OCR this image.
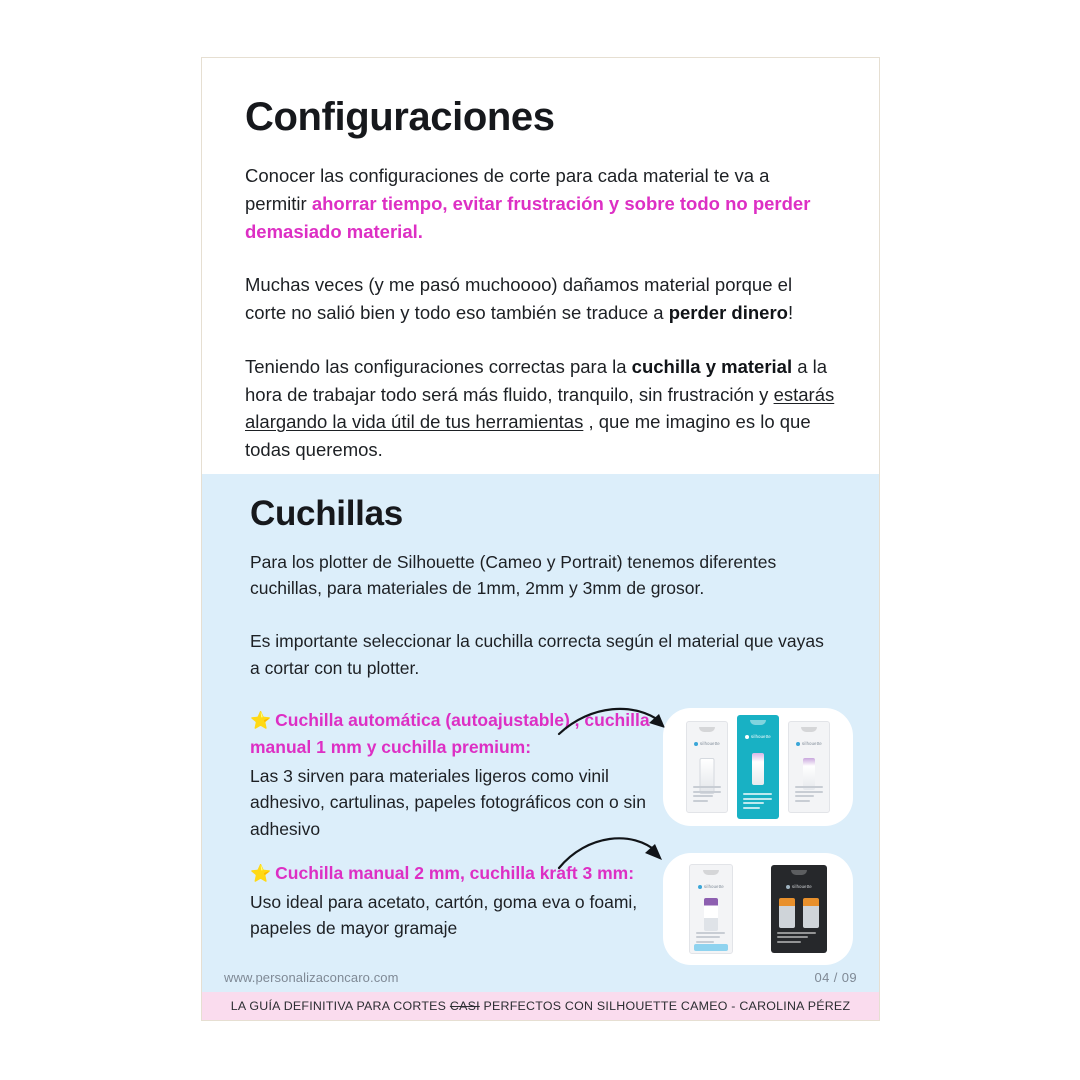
Configuraciones

Conocer las configuraciones de corte para cada material te va a permitir ahorrar tiempo, evitar frustración y sobre todo no perder demasiado material.

Muchas veces (y me pasó muchoooo) dañamos material porque el corte no salió bien y todo eso también se traduce a perder dinero!

Teniendo las configuraciones correctas para la cuchilla y material a la hora de trabajar todo será más fluido, tranquilo, sin frustración y estarás alargando la vida útil de tus herramientas , que me imagino es lo que todas queremos.

Cuchillas

Para los plotter de Silhouette (Cameo y Portrait) tenemos diferentes cuchillas, para materiales de 1mm, 2mm y 3mm de grosor.

Es importante seleccionar la cuchilla correcta según el material que vayas a cortar con tu plotter.

⭐ Cuchilla automática (autoajustable) , cuchilla manual 1 mm y cuchilla premium:

Las 3 sirven para materiales ligeros como vinil adhesivo, cartulinas, papeles fotográficos con o sin adhesivo

⭐ Cuchilla manual 2 mm, cuchilla kraft 3 mm:

Uso ideal para acetato, cartón, goma eva o foami, papeles de mayor gramaje

silhouette
silhouette
silhouette
silhouette	silhouette
www.personalizaconcaro.com	04 / 09
LA GUÍA DEFINITIVA PARA CORTES CASI PERFECTOS CON SILHOUETTE CAMEO - CAROLINA PÉREZ
